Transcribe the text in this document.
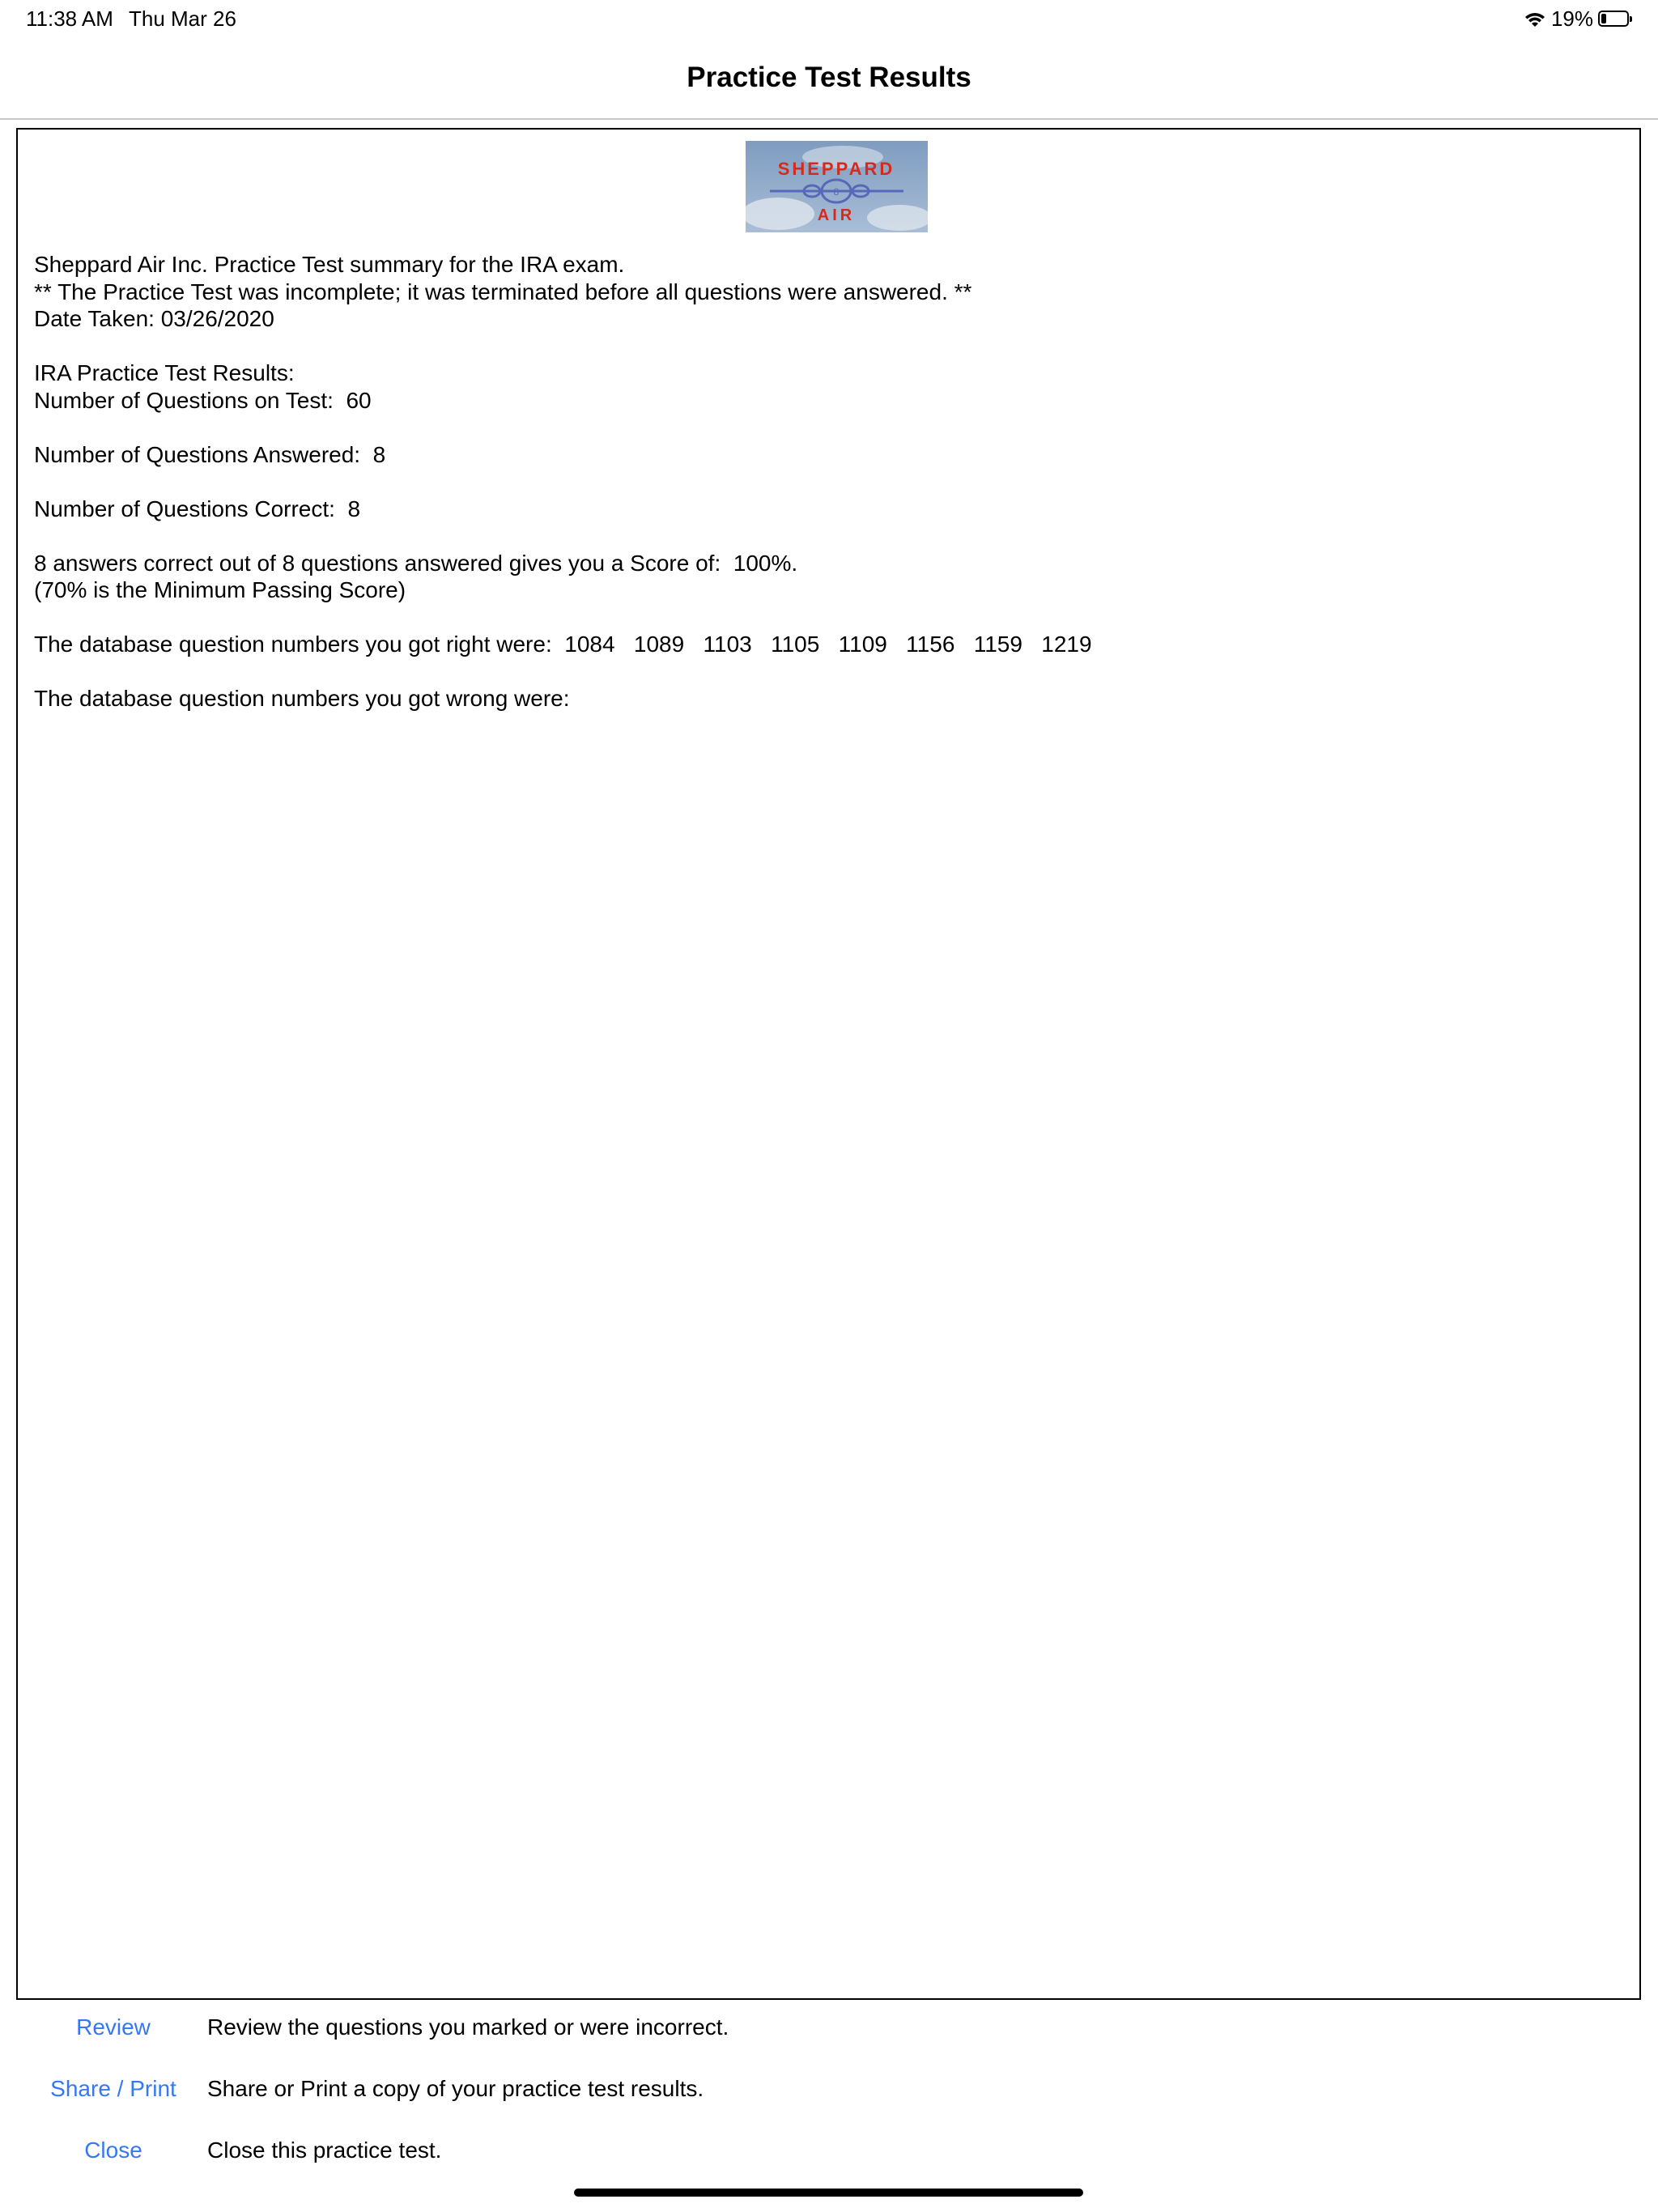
11:38 AM Thu Mar 26	19%
Practice Test Results
8
SHEPPARD
AIR
Sheppard Air Inc. Practice Test summary for the IRA exam.
** The Practice Test was incomplete; it was terminated before all questions were answered. **
Date Taken: 03/26/2020
IRA Practice Test Results:
Number of Questions on Test:  60
Number of Questions Answered:  8
Number of Questions Correct:  8
8 answers correct out of 8 questions answered gives you a Score of:  100%.
(70% is the Minimum Passing Score)
The database question numbers you got right were:  1084   1089   1103   1105   1109   1156   1159   1219
The database question numbers you got wrong were:
Review	Review the questions you marked or were incorrect.
Share / Print	Share or Print a copy of your practice test results.
Close	Close this practice test.
